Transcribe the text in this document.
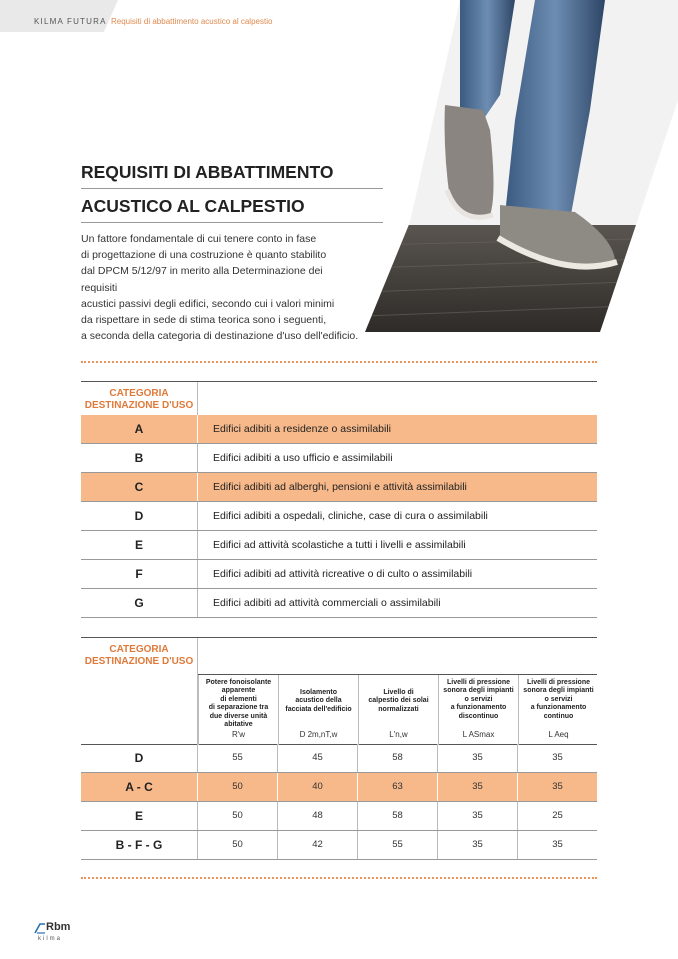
KILMA FUTURA Requisiti di abbattimento acustico al calpestio
REQUISITI DI ABBATTIMENTO
ACUSTICO AL CALPESTIO
Un fattore fondamentale di cui tenere conto in fase
di progettazione di una costruzione è quanto stabilito
dal DPCM 5/12/97 in merito alla Determinazione dei requisiti
acustici passivi degli edifici, secondo cui i valori minimi
da rispettare in sede di stima teorica sono i seguenti,
a seconda della categoria di destinazione d'uso dell'edificio.
CATEGORIA
DESTINAZIONE D'USO
A	Edifici adibiti a residenze o assimilabili
B	Edifici adibiti a uso ufficio e assimilabili
C	Edifici adibiti ad alberghi, pensioni e attività assimilabili
D	Edifici adibiti a ospedali, cliniche, case di cura o assimilabili
E	Edifici ad attività scolastiche a tutti i livelli e assimilabili
F	Edifici adibiti ad attività ricreative o di culto o assimilabili
G	Edifici adibiti ad attività commerciali o assimilabili
CATEGORIA
DESTINAZIONE D'USO
Potere fonoisolante
apparente
di elementi
di separazione tra
due diverse unità
abitative
R'w
Isolamento
acustico della
facciata dell'edificio
D 2m,nT,w
Livello di
calpestio dei solai
normalizzati
L'n,w
Livelli di pressione
sonora degli impianti
o servizi
a funzionamento
discontinuo
L ASmax
Livelli di pressione
sonora degli impianti
o servizi
a funzionamento
continuo
L Aeq
D	55	45	58	35	35
A - C	50	40	63	35	35
E	50	48	58	35	25
B - F - G	50	42	55	35	35
Rbm
kilma
